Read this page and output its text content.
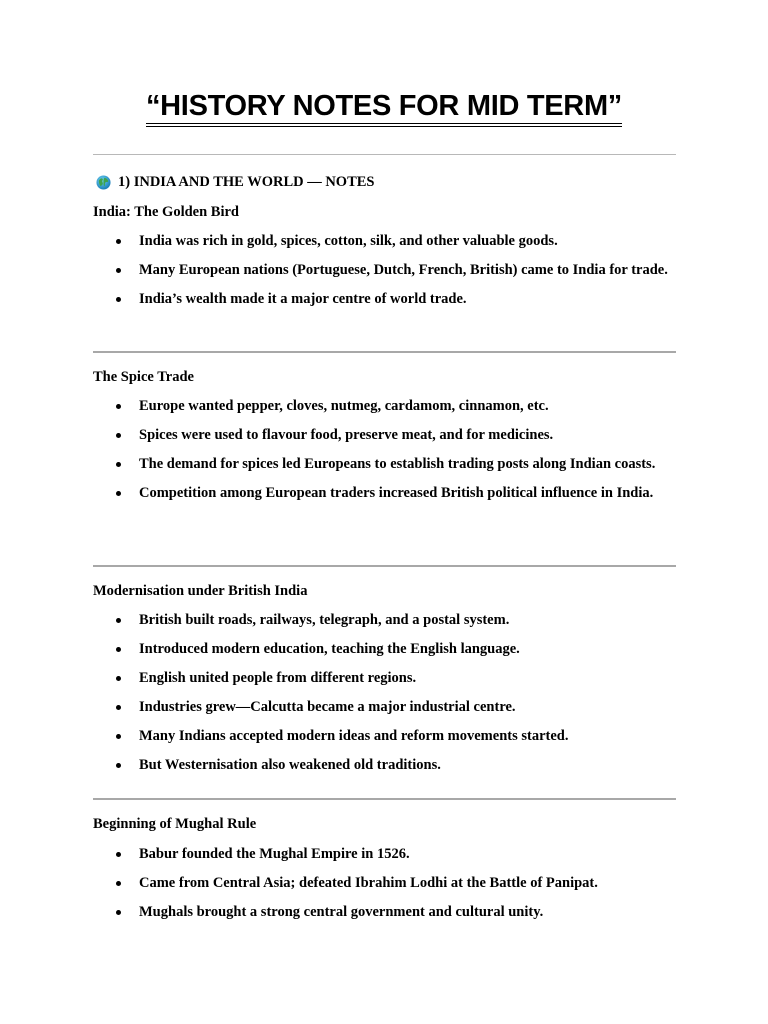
“HISTORY NOTES FOR MID TERM”
1) INDIA AND THE WORLD — NOTES
India: The Golden Bird
India was rich in gold, spices, cotton, silk, and other valuable goods.
Many European nations (Portuguese, Dutch, French, British) came to India for trade.
India’s wealth made it a major centre of world trade.
The Spice Trade
Europe wanted pepper, cloves, nutmeg, cardamom, cinnamon, etc.
Spices were used to flavour food, preserve meat, and for medicines.
The demand for spices led Europeans to establish trading posts along Indian coasts.
Competition among European traders increased British political influence in India.
Modernisation under British India
British built roads, railways, telegraph, and a postal system.
Introduced modern education, teaching the English language.
English united people from different regions.
Industries grew—Calcutta became a major industrial centre.
Many Indians accepted modern ideas and reform movements started.
But Westernisation also weakened old traditions.
Beginning of Mughal Rule
Babur founded the Mughal Empire in 1526.
Came from Central Asia; defeated Ibrahim Lodhi at the Battle of Panipat.
Mughals brought a strong central government and cultural unity.
